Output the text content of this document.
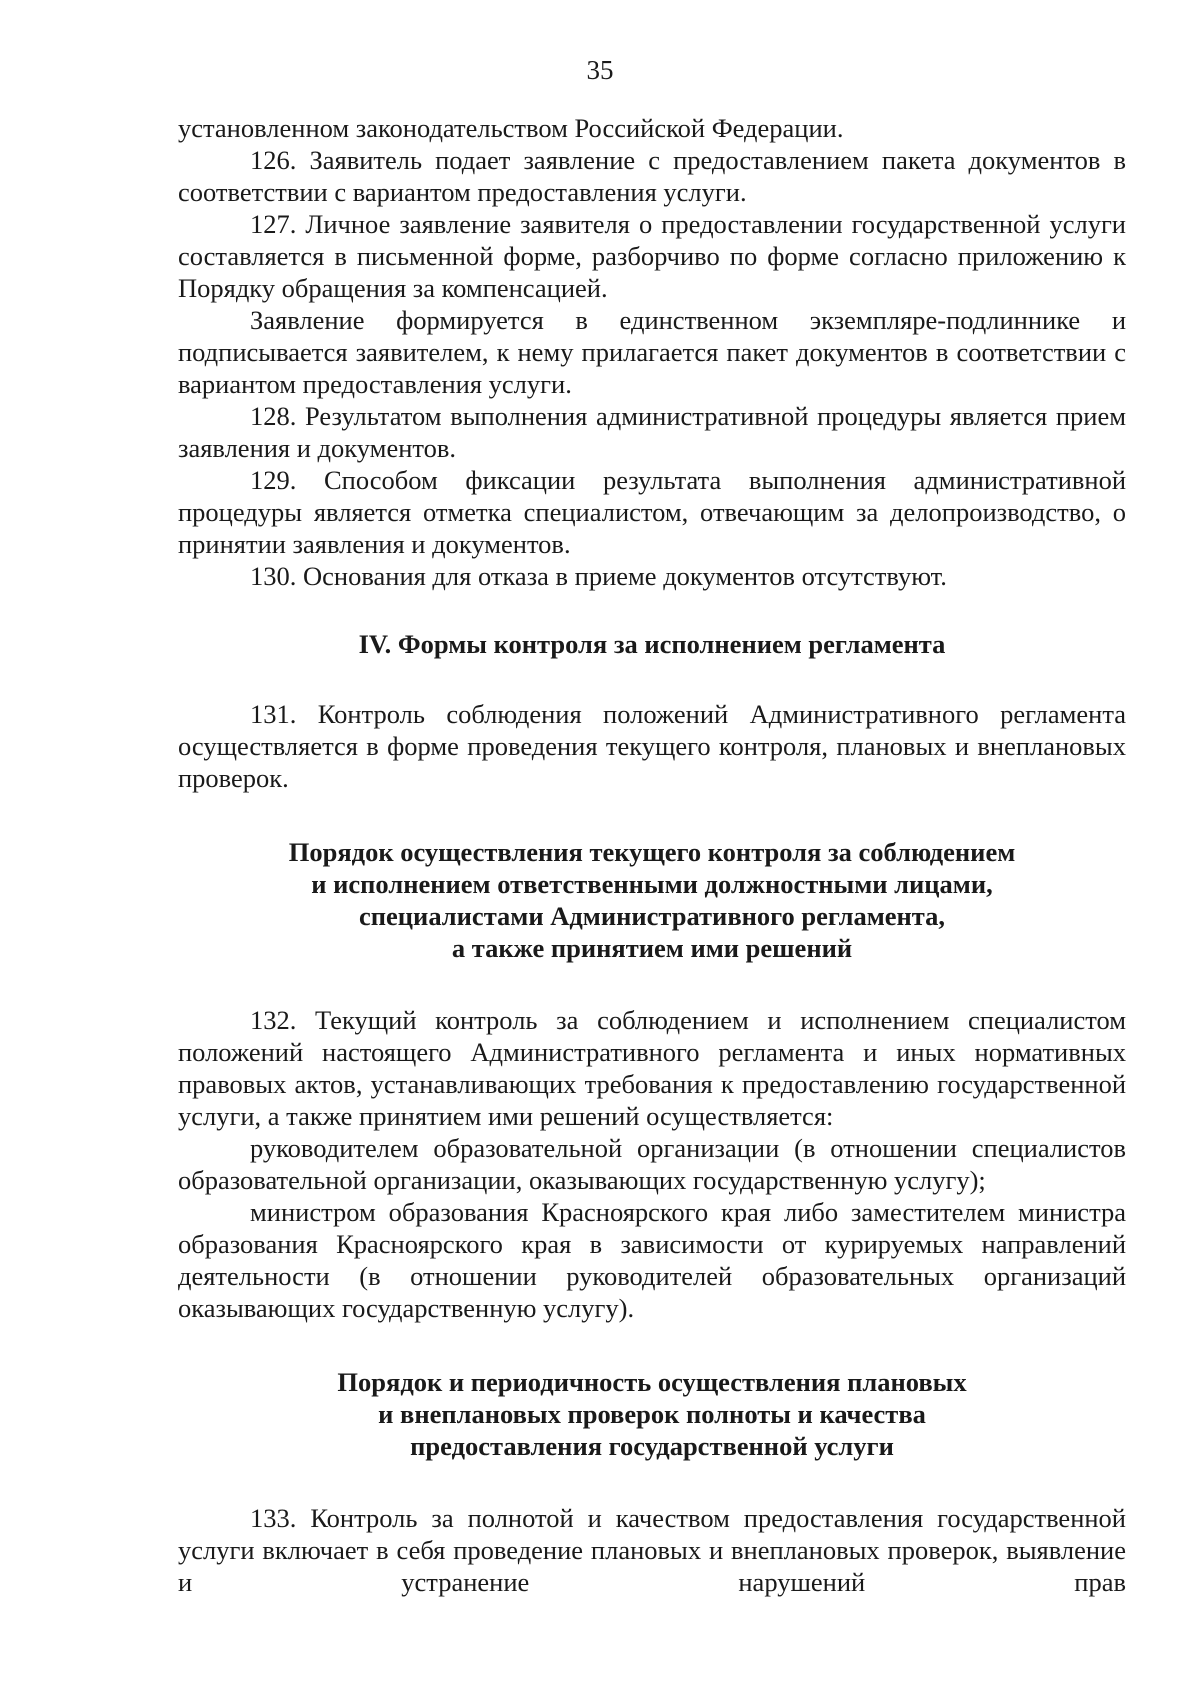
35

установленном законодательством Российской Федерации.

126. Заявитель подает заявление с предоставлением пакета документов в соответствии с вариантом предоставления услуги.

127. Личное заявление заявителя о предоставлении государственной услуги составляется в письменной форме, разборчиво по форме согласно приложению к Порядку обращения за компенсацией.

Заявление формируется в единственном экземпляре-подлиннике и подписывается заявителем, к нему прилагается пакет документов в соответствии с вариантом предоставления услуги.

128. Результатом выполнения административной процедуры является прием заявления и документов.

129. Способом фиксации результата выполнения административной процедуры является отметка специалистом, отвечающим за делопроизводство, о принятии заявления и документов.

130. Основания для отказа в приеме документов отсутствуют.

IV. Формы контроля за исполнением регламента

131. Контроль соблюдения положений Административного регламента осуществляется в форме проведения текущего контроля, плановых и внеплановых проверок.

Порядок осуществления текущего контроля за соблюдением
и исполнением ответственными должностными лицами,
специалистами Административного регламента,
а также принятием ими решений

132. Текущий контроль за соблюдением и исполнением специалистом положений настоящего Административного регламента и иных нормативных правовых актов, устанавливающих требования к предоставлению государственной услуги, а также принятием ими решений осуществляется:

руководителем образовательной организации (в отношении специалистов образовательной организации, оказывающих государственную услугу);

министром образования Красноярского края либо заместителем министра образования Красноярского края в зависимости от курируемых направлений деятельности (в отношении руководителей образовательных организаций оказывающих государственную услугу).

Порядок и периодичность осуществления плановых
и внеплановых проверок полноты и качества
предоставления государственной услуги

133. Контроль за полнотой и качеством предоставления государственной услуги включает в себя проведение плановых и внеплановых проверок, выявление и устранение нарушений прав
